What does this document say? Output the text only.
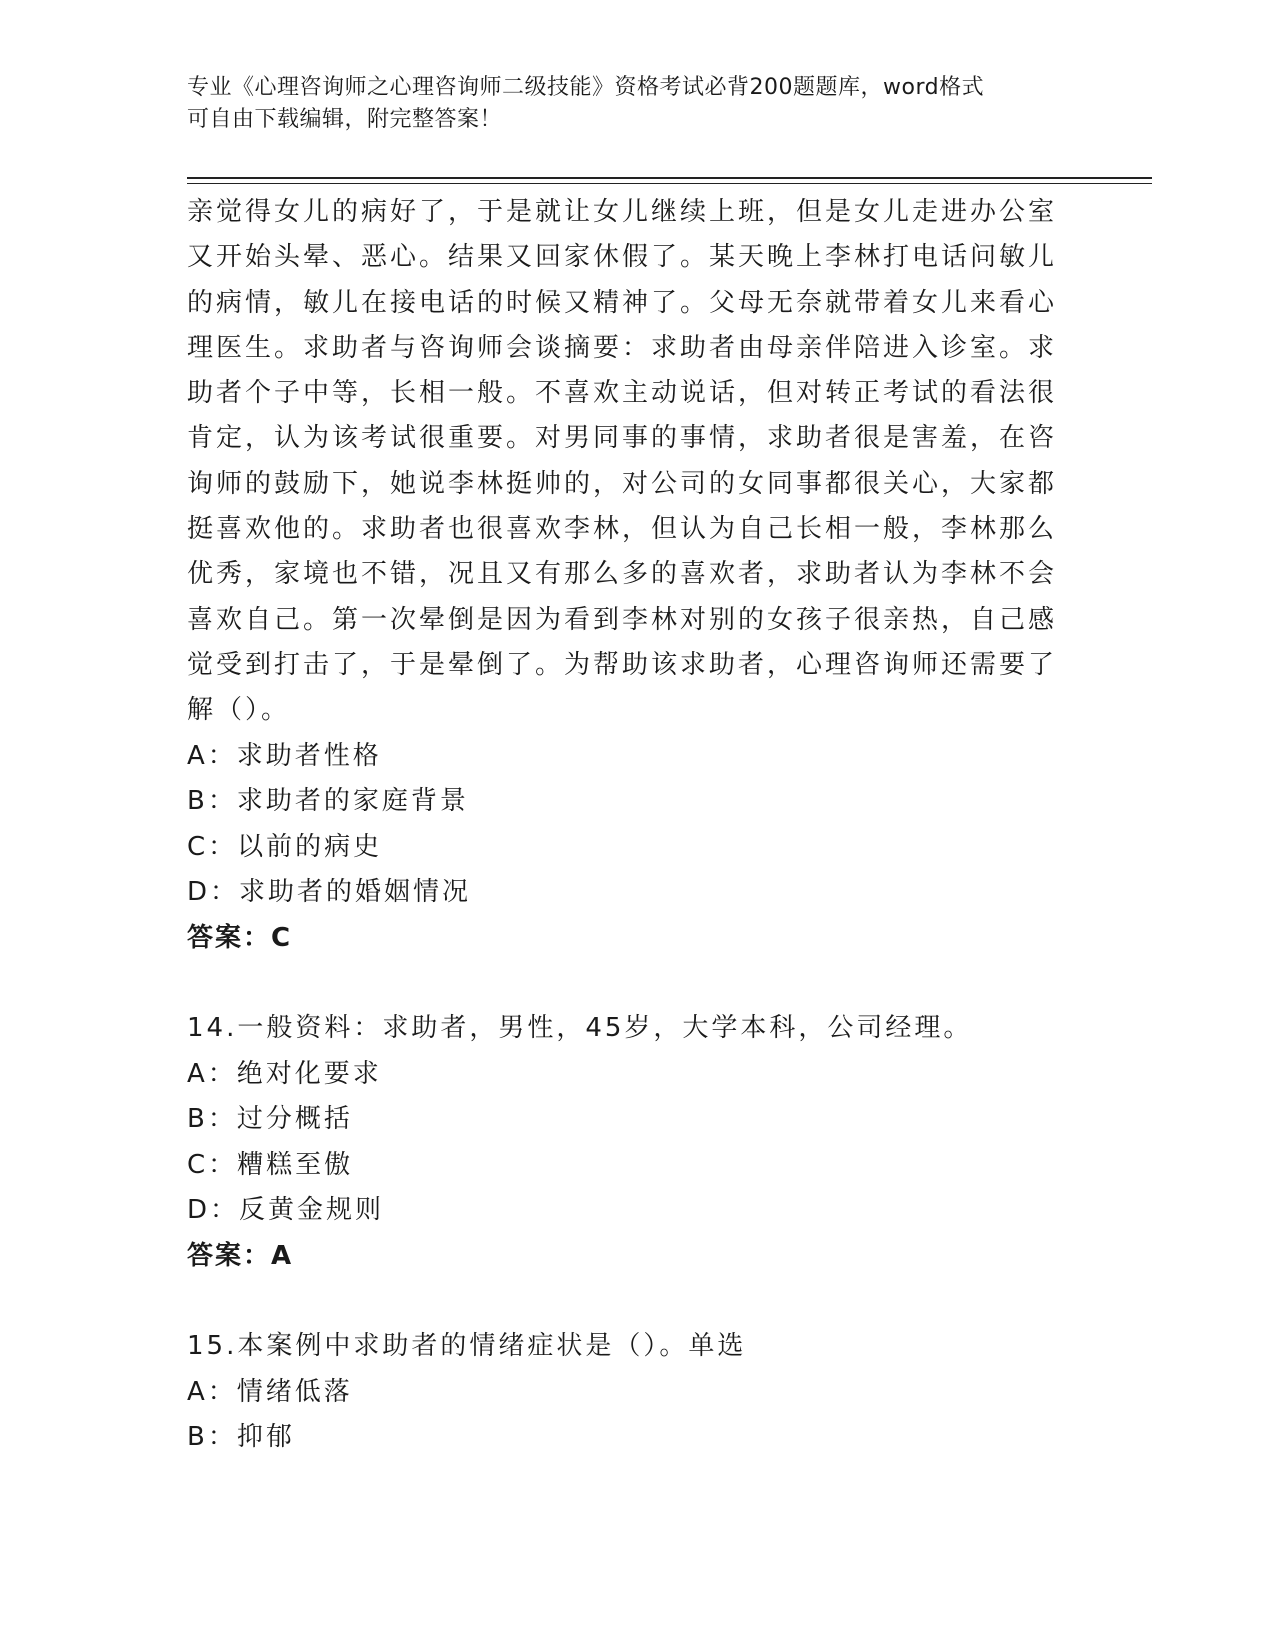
专业《心理咨询师之心理咨询师二级技能》资格考试必背200题题库，word格式
可自由下载编辑，附完整答案！

亲觉得女儿的病好了，于是就让女儿继续上班，但是女儿走进办公室又开始头晕、恶心。结果又回家休假了。某天晚上李林打电话问敏儿的病情，敏儿在接电话的时候又精神了。父母无奈就带着女儿来看心理医生。求助者与咨询师会谈摘要：求助者由母亲伴陪进入诊室。求助者个子中等，长相一般。不喜欢主动说话，但对转正考试的看法很肯定，认为该考试很重要。对男同事的事情，求助者很是害羞，在咨询师的鼓励下，她说李林挺帅的，对公司的女同事都很关心，大家都挺喜欢他的。求助者也很喜欢李林，但认为自己长相一般，李林那么优秀，家境也不错，况且又有那么多的喜欢者，求助者认为李林不会喜欢自己。第一次晕倒是因为看到李林对别的女孩子很亲热，自己感觉受到打击了，于是晕倒了。为帮助该求助者，心理咨询师还需要了解（）。

A：求助者性格

B：求助者的家庭背景

C：以前的病史

D：求助者的婚姻情况

答案：C

14.一般资料：求助者，男性，45岁，大学本科，公司经理。

A：绝对化要求

B：过分概括

C：糟糕至傲

D：反黄金规则

答案：A

15.本案例中求助者的情绪症状是（）。单选

A：情绪低落

B：抑郁
